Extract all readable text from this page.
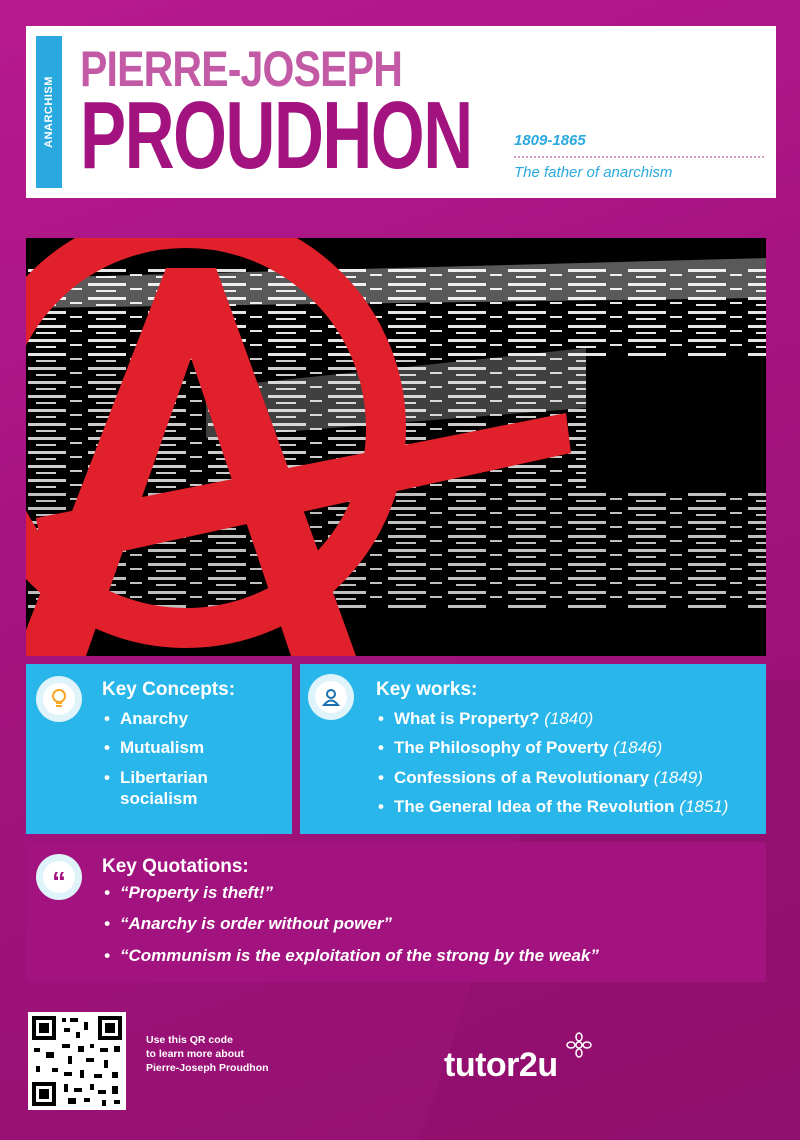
ANARCHISM
PIERRE-JOSEPH
PROUDHON	1809-1865
The father of anarchism
Key Concepts:
• Anarchy
• Mutualism
• Libertarian socialism
Key works:
• What is Property? (1840)
• The Philosophy of Poverty (1846)
• Confessions of a Revolutionary (1849)
• The General Idea of the Revolution (1851)
“ Key Quotations:
• “Property is theft!”
• “Anarchy is order without power”
• “Communism is the exploitation of the strong by the weak”
Use this QR code
to learn more about
Pierre-Joseph Proudhon	tutor2u
